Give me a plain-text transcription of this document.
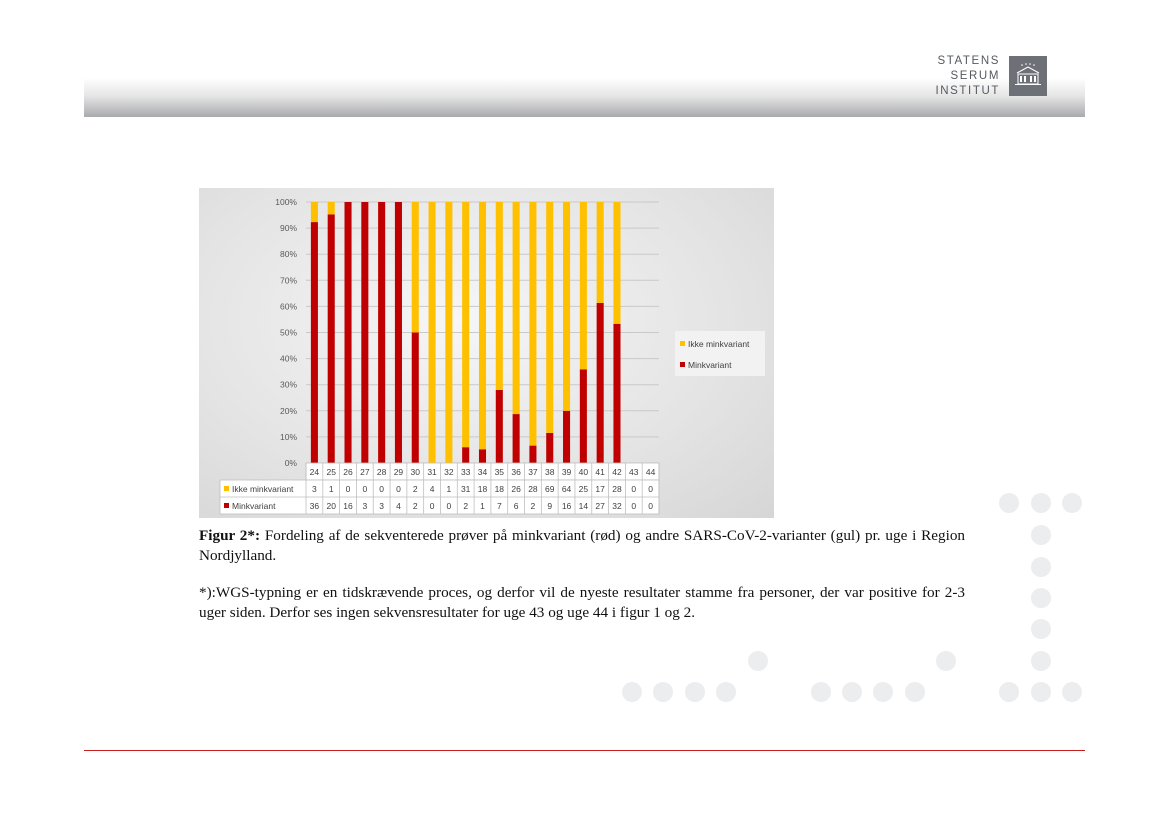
STATENS
SERUM
INSTITUT
0%
10%
20%
30%
40%
50%
60%
70%
80%
90%
100%
24
3
36
25
1
20
26
0
16
27
0
3
28
0
3
29
0
4
30
2
2
31
4
0
32
1
0
33
31
2
34
18
1
35
18
7
36
26
6
37
28
2
38
69
9
39
64
16
40
25
14
41
17
27
42
28
32
43
0
0
44
0
0
Ikke minkvariant
Minkvariant
Ikke minkvariant
Minkvariant
Figur 2*: Fordeling af de sekventerede prøver på minkvariant (rød) og andre SARS-CoV-2-varianter (gul) pr. uge i Region Nordjylland.
*):WGS-typning er en tidskrævende proces, og derfor vil de nyeste resultater stamme fra personer, der var positive for 2-3 uger siden. Derfor ses ingen sekvensresultater for uge 43 og uge 44 i figur 1 og 2.
